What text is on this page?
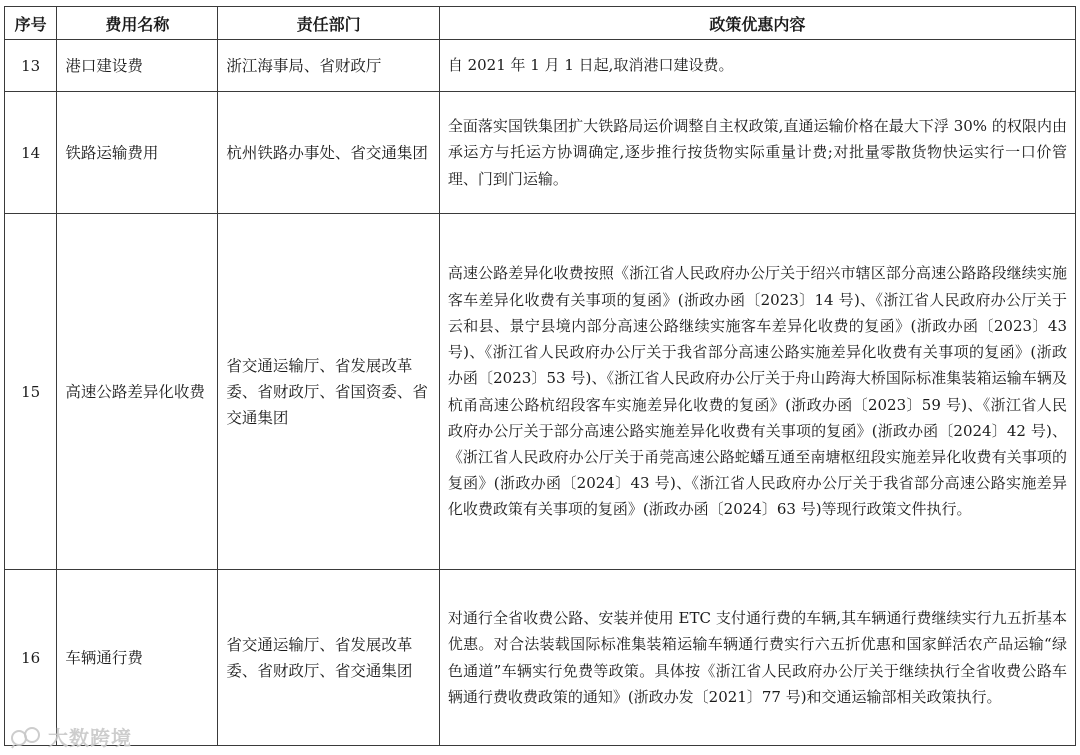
序号	费用名称	责任部门	政策优惠内容
13	港口建设费	浙江海事局、省财政厅	自 2021 年 1 月 1 日起,取消港口建设费。
14	铁路运输费用	杭州铁路办事处、省交通集团	全面落实国铁集团扩大铁路局运价调整自主权政策,直通运输价格在最大下浮 30% 的权限内由承运方与托运方协调确定,逐步推行按货物实际重量计费;对批量零散货物快运实行一口价管理、门到门运输。
15	高速公路差异化收费	省交通运输厅、省发展改革委、省财政厅、省国资委、省交通集团	高速公路差异化收费按照《浙江省人民政府办公厅关于绍兴市辖区部分高速公路路段继续实施客车差异化收费有关事项的复函》(浙政办函〔2023〕14 号)、《浙江省人民政府办公厅关于云和县、景宁县境内部分高速公路继续实施客车差异化收费的复函》(浙政办函〔2023〕43 号)、《浙江省人民政府办公厅关于我省部分高速公路实施差异化收费有关事项的复函》(浙政办函〔2023〕53 号)、《浙江省人民政府办公厅关于舟山跨海大桥国际标准集装箱运输车辆及杭甬高速公路杭绍段客车实施差异化收费的复函》(浙政办函〔2023〕59 号)、《浙江省人民政府办公厅关于部分高速公路实施差异化收费有关事项的复函》(浙政办函〔2024〕42 号)、《浙江省人民政府办公厅关于甬莞高速公路蛇蟠互通至南塘枢纽段实施差异化收费有关事项的复函》(浙政办函〔2024〕43 号)、《浙江省人民政府办公厅关于我省部分高速公路实施差异化收费政策有关事项的复函》(浙政办函〔2024〕63 号)等现行政策文件执行。
16	车辆通行费	省交通运输厅、省发展改革委、省财政厅、省交通集团	对通行全省收费公路、安装并使用 ETC 支付通行费的车辆,其车辆通行费继续实行九五折基本优惠。对合法装载国际标准集装箱运输车辆通行费实行六五折优惠和国家鲜活农产品运输“绿色通道”车辆实行免费等政策。具体按《浙江省人民政府办公厅关于继续执行全省收费公路车辆通行费收费政策的通知》(浙政办发〔2021〕77 号)和交通运输部相关政策执行。
大数跨境
